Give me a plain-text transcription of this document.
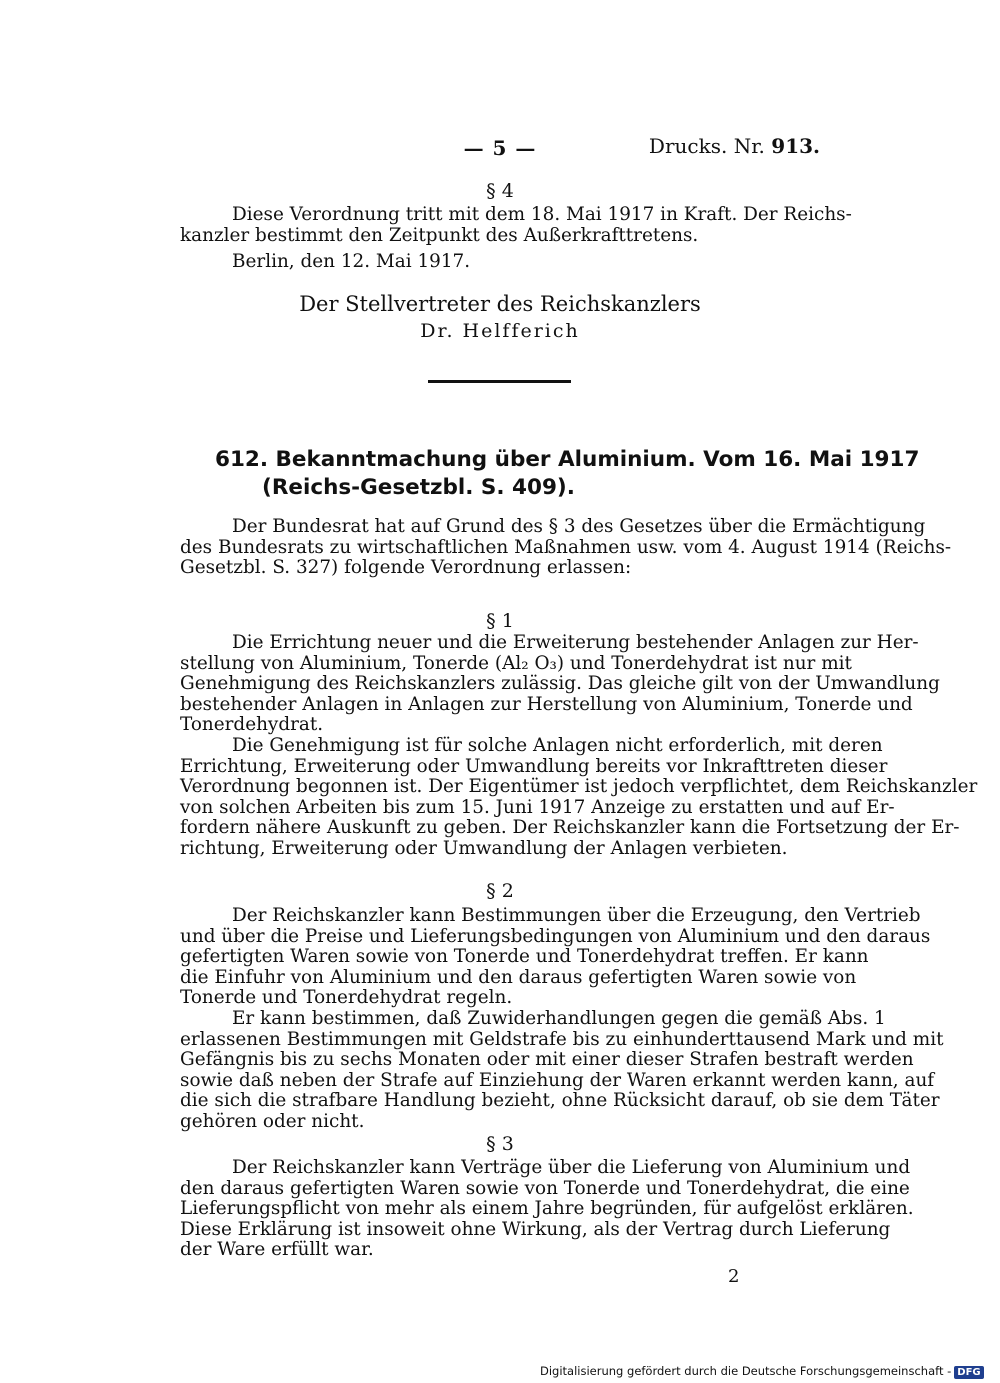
— 5 —	Drucks. Nr. 913.
§ 4
Diese Verordnung tritt mit dem 18. Mai 1917 in Kraft. Der Reichs-
kanzler bestimmt den Zeitpunkt des Außerkrafttretens.
Berlin, den 12. Mai 1917.
Der Stellvertreter des Reichskanzlers
Dr. Helfferich
612. Bekanntmachung über Aluminium. Vom 16. Mai 1917
(Reichs-Gesetzbl. S. 409).
Der Bundesrat hat auf Grund des § 3 des Gesetzes über die Ermächtigung
des Bundesrats zu wirtschaftlichen Maßnahmen usw. vom 4. August 1914 (Reichs-
Gesetzbl. S. 327) folgende Verordnung erlassen:
§ 1
Die Errichtung neuer und die Erweiterung bestehender Anlagen zur Her-
stellung von Aluminium, Tonerde (Al₂ O₃) und Tonerdehydrat ist nur mit
Genehmigung des Reichskanzlers zulässig. Das gleiche gilt von der Umwandlung
bestehender Anlagen in Anlagen zur Herstellung von Aluminium, Tonerde und
Tonerdehydrat.
Die Genehmigung ist für solche Anlagen nicht erforderlich, mit deren
Errichtung, Erweiterung oder Umwandlung bereits vor Inkrafttreten dieser
Verordnung begonnen ist. Der Eigentümer ist jedoch verpflichtet, dem Reichskanzler
von solchen Arbeiten bis zum 15. Juni 1917 Anzeige zu erstatten und auf Er-
fordern nähere Auskunft zu geben. Der Reichskanzler kann die Fortsetzung der Er-
richtung, Erweiterung oder Umwandlung der Anlagen verbieten.
§ 2
Der Reichskanzler kann Bestimmungen über die Erzeugung, den Vertrieb
und über die Preise und Lieferungsbedingungen von Aluminium und den daraus
gefertigten Waren sowie von Tonerde und Tonerdehydrat treffen. Er kann
die Einfuhr von Aluminium und den daraus gefertigten Waren sowie von
Tonerde und Tonerdehydrat regeln.
Er kann bestimmen, daß Zuwiderhandlungen gegen die gemäß Abs. 1
erlassenen Bestimmungen mit Geldstrafe bis zu einhunderttausend Mark und mit
Gefängnis bis zu sechs Monaten oder mit einer dieser Strafen bestraft werden
sowie daß neben der Strafe auf Einziehung der Waren erkannt werden kann, auf
die sich die strafbare Handlung bezieht, ohne Rücksicht darauf, ob sie dem Täter
gehören oder nicht.
§ 3
Der Reichskanzler kann Verträge über die Lieferung von Aluminium und
den daraus gefertigten Waren sowie von Tonerde und Tonerdehydrat, die eine
Lieferungspflicht von mehr als einem Jahre begründen, für aufgelöst erklären.
Diese Erklärung ist insoweit ohne Wirkung, als der Vertrag durch Lieferung
der Ware erfüllt war.
2
Digitalisierung gefördert durch die Deutsche Forschungsgemeinschaft - DFG
